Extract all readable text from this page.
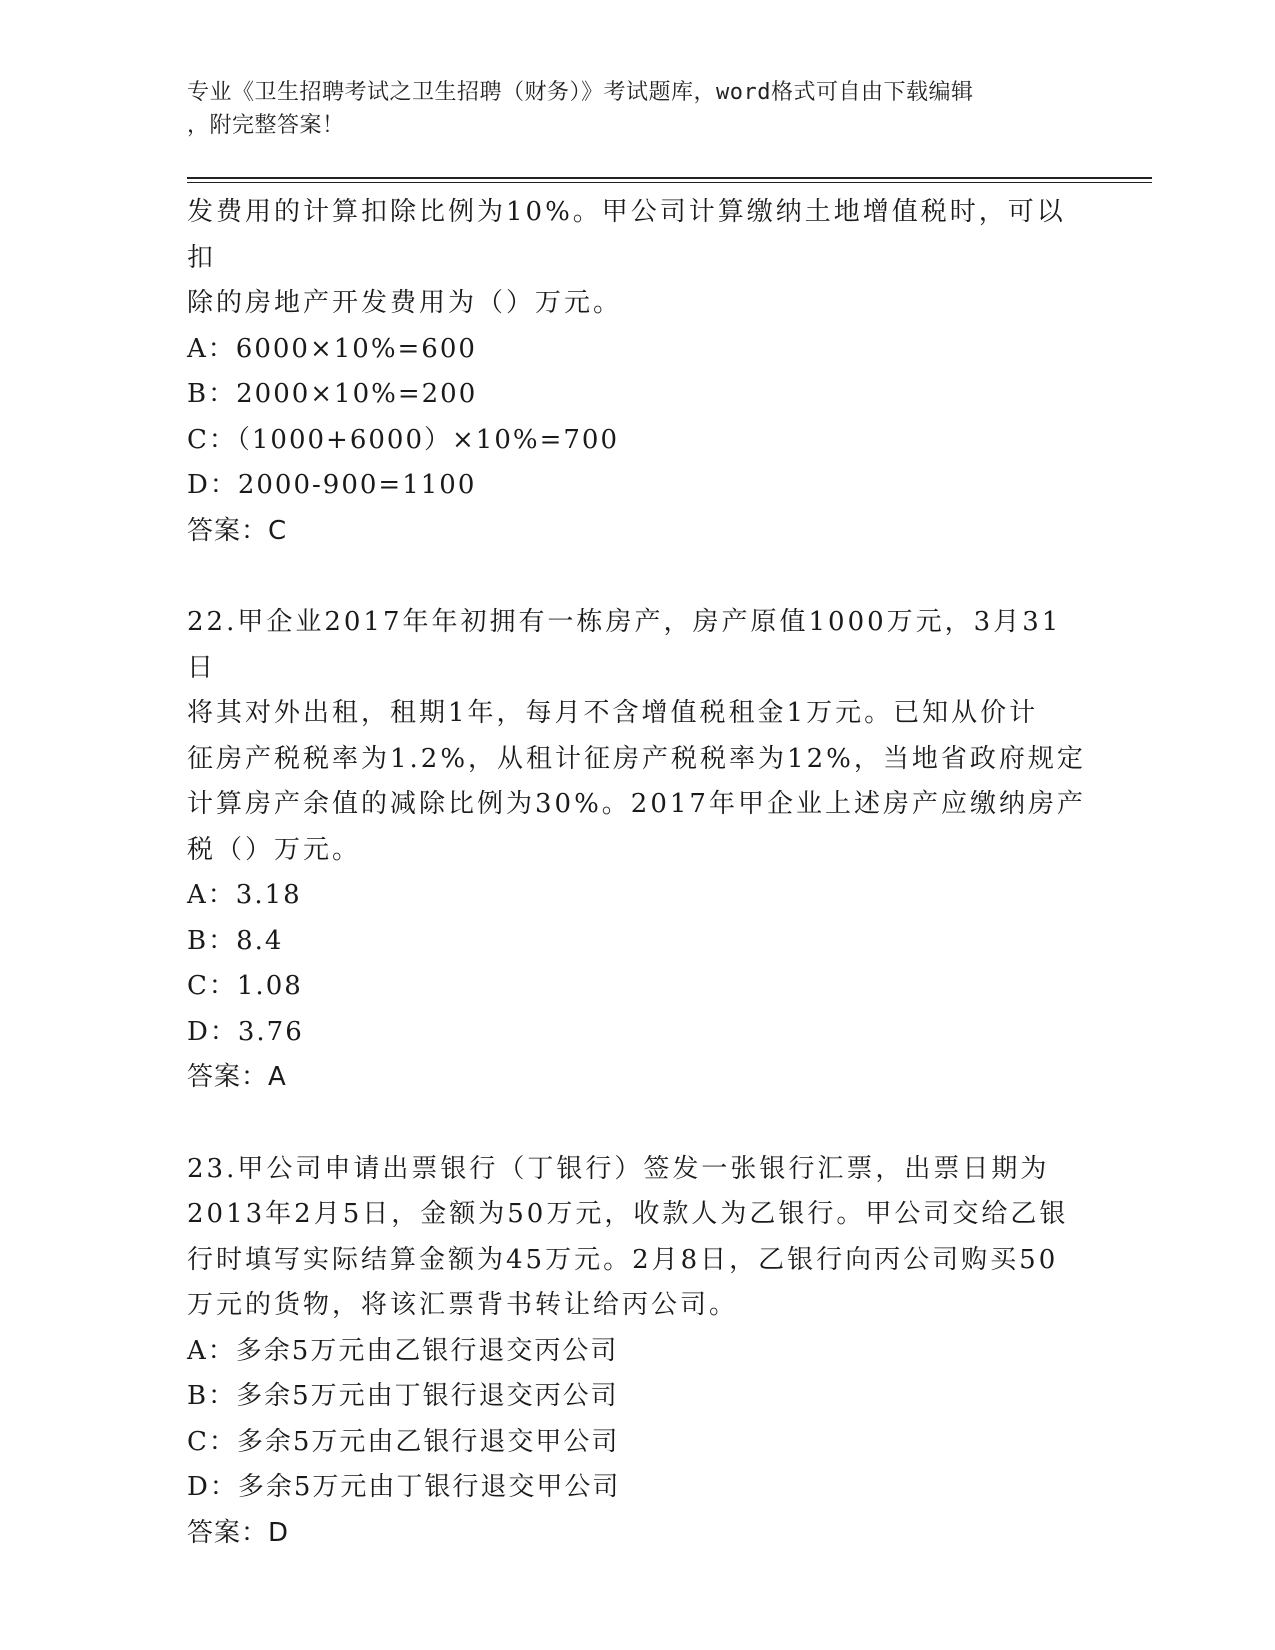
专业《卫生招聘考试之卫生招聘（财务）》考试题库，word格式可自由下载编辑
，附完整答案！

发费用的计算扣除比例为10%。甲公司计算缴纳土地增值税时，可以扣

除的房地产开发费用为（）万元。

A：6000×10%=600

B：2000×10%=200

C：（1000+6000）×10%=700

D：2000-900=1100

答案：C

22.甲企业2017年年初拥有一栋房产，房产原值1000万元，3月31日

将其对外出租，租期1年，每月不含增值税租金1万元。已知从价计

征房产税税率为1.2%，从租计征房产税税率为12%，当地省政府规定

计算房产余值的减除比例为30%。2017年甲企业上述房产应缴纳房产

税（）万元。

A：3.18

B：8.4

C：1.08

D：3.76

答案：A

23.甲公司申请出票银行（丁银行）签发一张银行汇票，出票日期为

2013年2月5日，金额为50万元，收款人为乙银行。甲公司交给乙银

行时填写实际结算金额为45万元。2月8日，乙银行向丙公司购买50

万元的货物，将该汇票背书转让给丙公司。

A：多余5万元由乙银行退交丙公司

B：多余5万元由丁银行退交丙公司

C：多余5万元由乙银行退交甲公司

D：多余5万元由丁银行退交甲公司

答案：D
